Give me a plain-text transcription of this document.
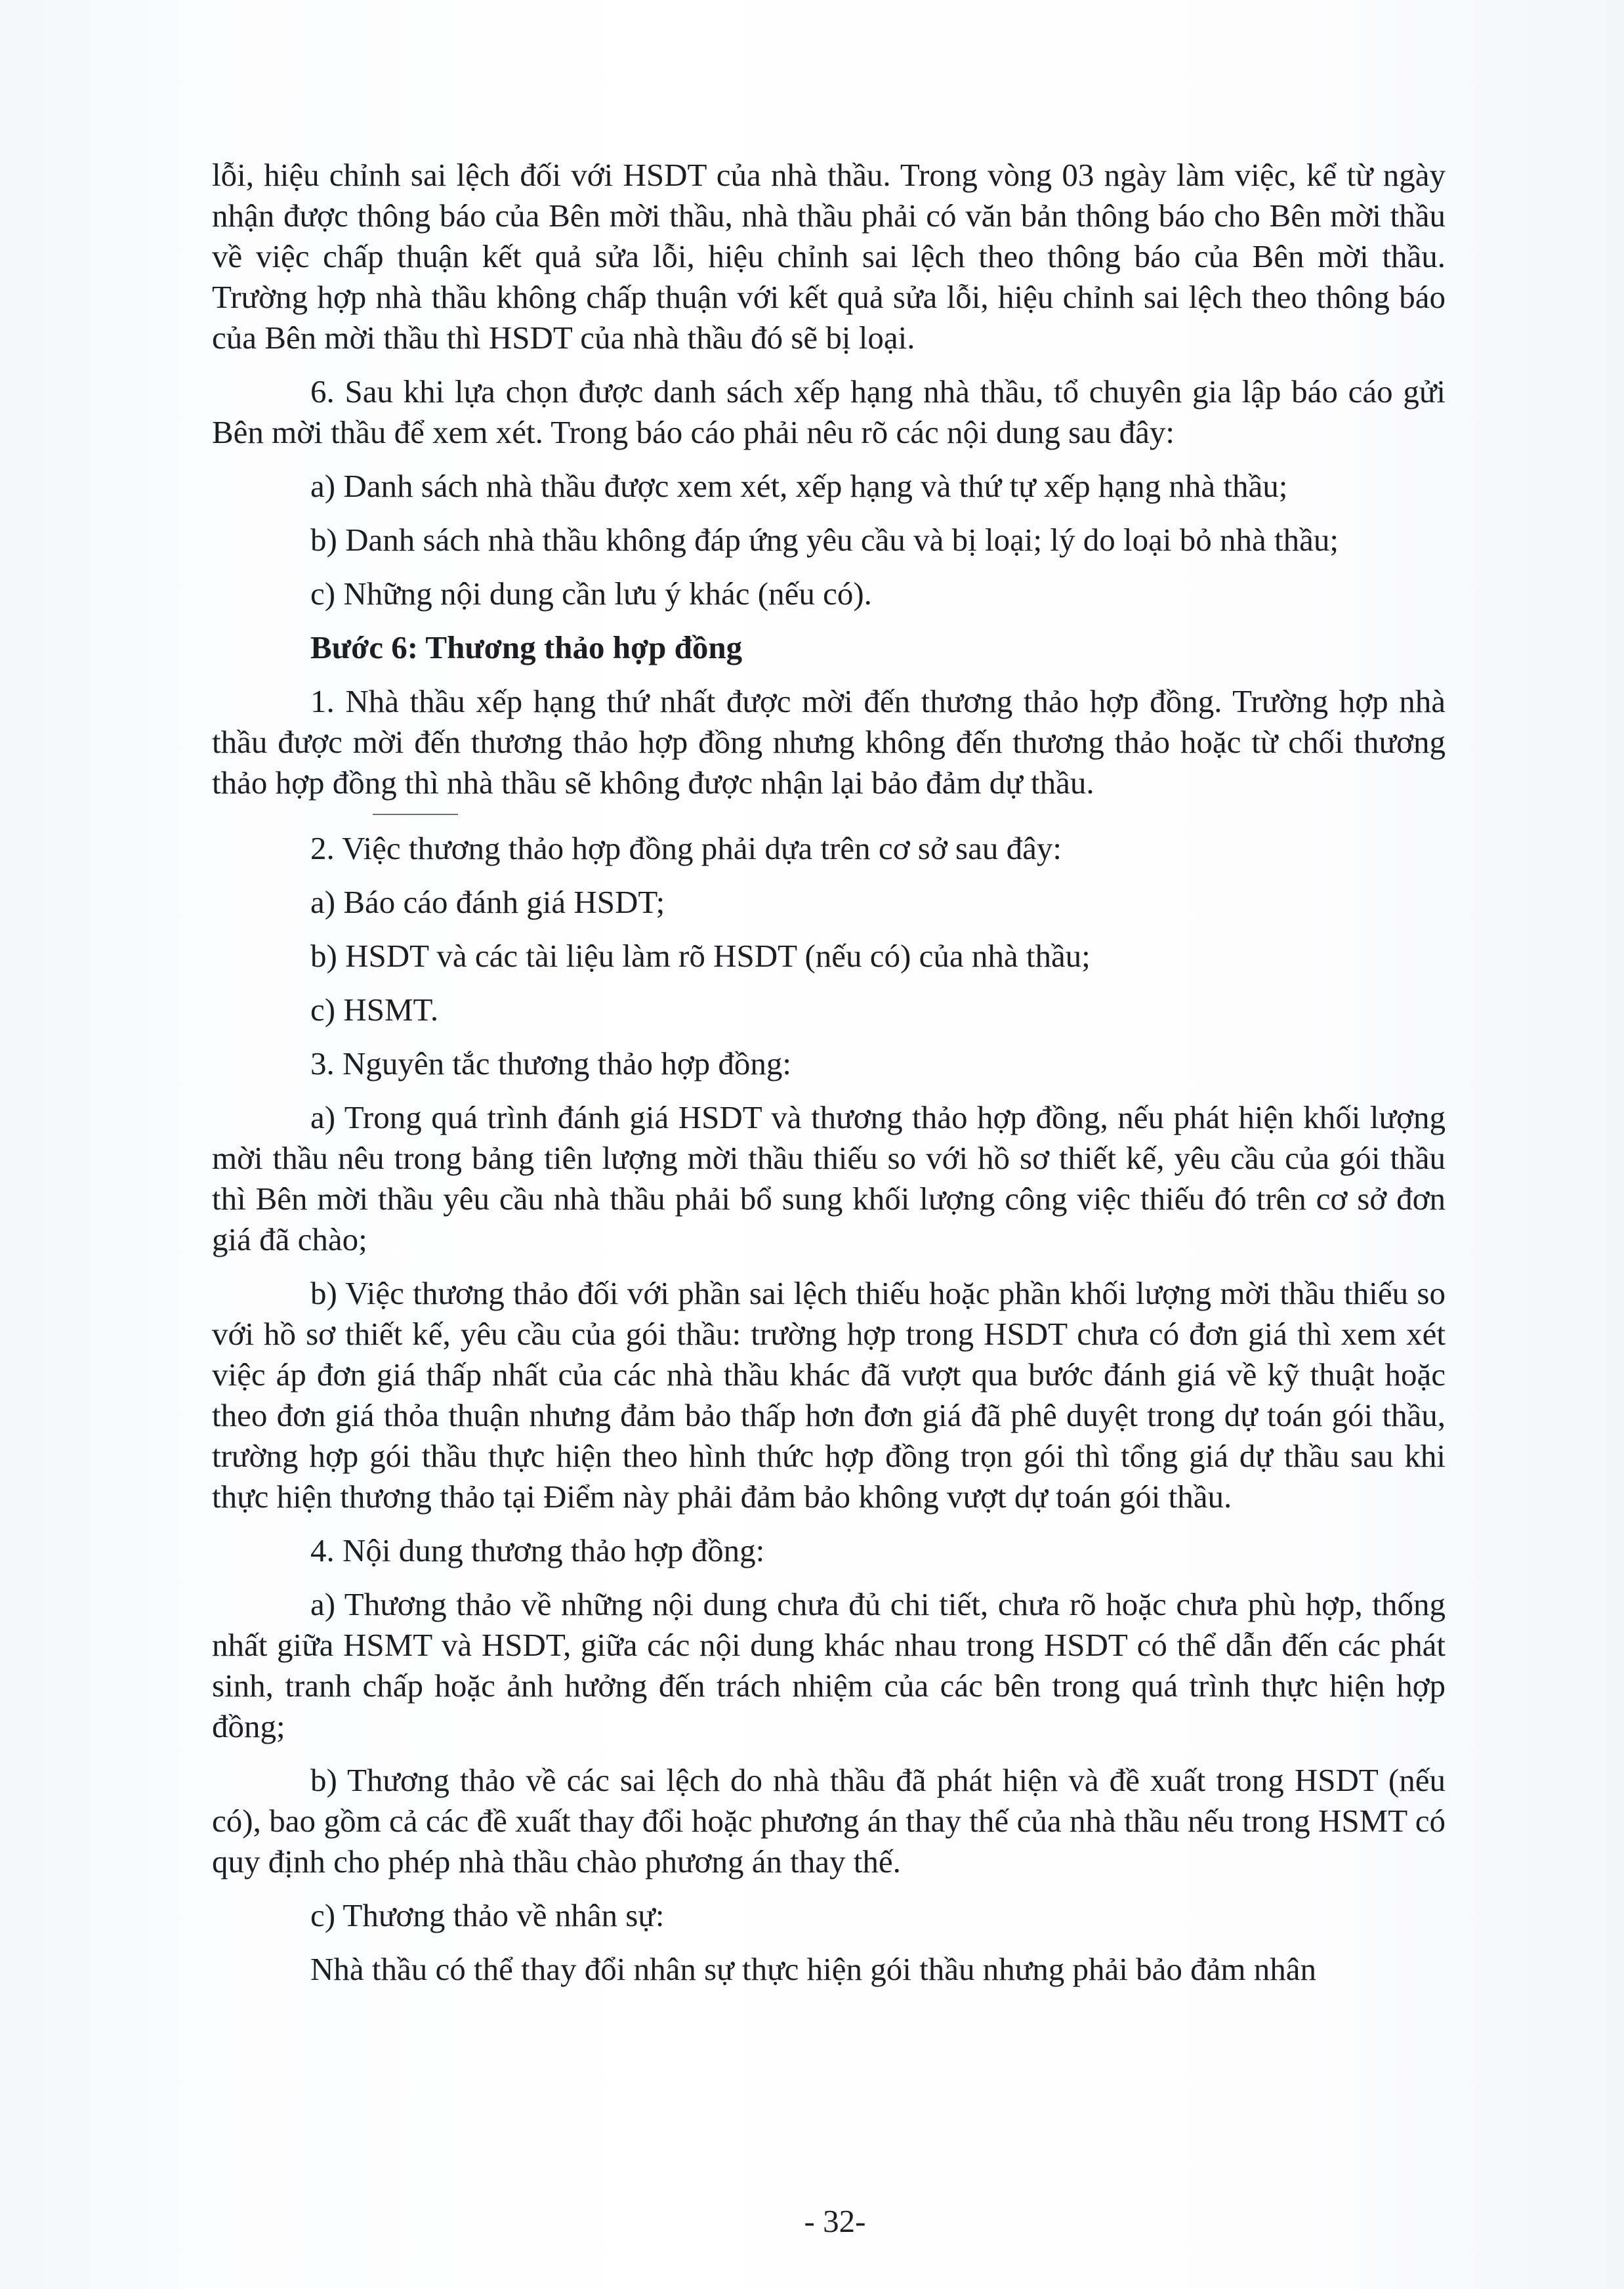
lỗi, hiệu chỉnh sai lệch đối với HSDT của nhà thầu. Trong vòng 03 ngày làm việc, kể từ ngày nhận được thông báo của Bên mời thầu, nhà thầu phải có văn bản thông báo cho Bên mời thầu về việc chấp thuận kết quả sửa lỗi, hiệu chỉnh sai lệch theo thông báo của Bên mời thầu. Trường hợp nhà thầu không chấp thuận với kết quả sửa lỗi, hiệu chỉnh sai lệch theo thông báo của Bên mời thầu thì HSDT của nhà thầu đó sẽ bị loại.

6. Sau khi lựa chọn được danh sách xếp hạng nhà thầu, tổ chuyên gia lập báo cáo gửi Bên mời thầu để xem xét. Trong báo cáo phải nêu rõ các nội dung sau đây:

a) Danh sách nhà thầu được xem xét, xếp hạng và thứ tự xếp hạng nhà thầu;

b) Danh sách nhà thầu không đáp ứng yêu cầu và bị loại; lý do loại bỏ nhà thầu;

c) Những nội dung cần lưu ý khác (nếu có).

Bước 6: Thương thảo hợp đồng

1. Nhà thầu xếp hạng thứ nhất được mời đến thương thảo hợp đồng. Trường hợp nhà thầu được mời đến thương thảo hợp đồng nhưng không đến thương thảo hoặc từ chối thương thảo hợp đồng thì nhà thầu sẽ không được nhận lại bảo đảm dự thầu.

2. Việc thương thảo hợp đồng phải dựa trên cơ sở sau đây:

a) Báo cáo đánh giá HSDT;

b) HSDT và các tài liệu làm rõ HSDT (nếu có) của nhà thầu;

c) HSMT.

3. Nguyên tắc thương thảo hợp đồng:

a) Trong quá trình đánh giá HSDT và thương thảo hợp đồng, nếu phát hiện khối lượng mời thầu nêu trong bảng tiên lượng mời thầu thiếu so với hồ sơ thiết kế, yêu cầu của gói thầu thì Bên mời thầu yêu cầu nhà thầu phải bổ sung khối lượng công việc thiếu đó trên cơ sở đơn giá đã chào;

b) Việc thương thảo đối với phần sai lệch thiếu hoặc phần khối lượng mời thầu thiếu so với hồ sơ thiết kế, yêu cầu của gói thầu: trường hợp trong HSDT chưa có đơn giá thì xem xét việc áp đơn giá thấp nhất của các nhà thầu khác đã vượt qua bước đánh giá về kỹ thuật hoặc theo đơn giá thỏa thuận nhưng đảm bảo thấp hơn đơn giá đã phê duyệt trong dự toán gói thầu, trường hợp gói thầu thực hiện theo hình thức hợp đồng trọn gói thì tổng giá dự thầu sau khi thực hiện thương thảo tại Điểm này phải đảm bảo không vượt dự toán gói thầu.

4. Nội dung thương thảo hợp đồng:

a) Thương thảo về những nội dung chưa đủ chi tiết, chưa rõ hoặc chưa phù hợp, thống nhất giữa HSMT và HSDT, giữa các nội dung khác nhau trong HSDT có thể dẫn đến các phát sinh, tranh chấp hoặc ảnh hưởng đến trách nhiệm của các bên trong quá trình thực hiện hợp đồng;

b) Thương thảo về các sai lệch do nhà thầu đã phát hiện và đề xuất trong HSDT (nếu có), bao gồm cả các đề xuất thay đổi hoặc phương án thay thế của nhà thầu nếu trong HSMT có quy định cho phép nhà thầu chào phương án thay thế.

c) Thương thảo về nhân sự:

Nhà thầu có thể thay đổi nhân sự thực hiện gói thầu nhưng phải bảo đảm nhân

- 32-
